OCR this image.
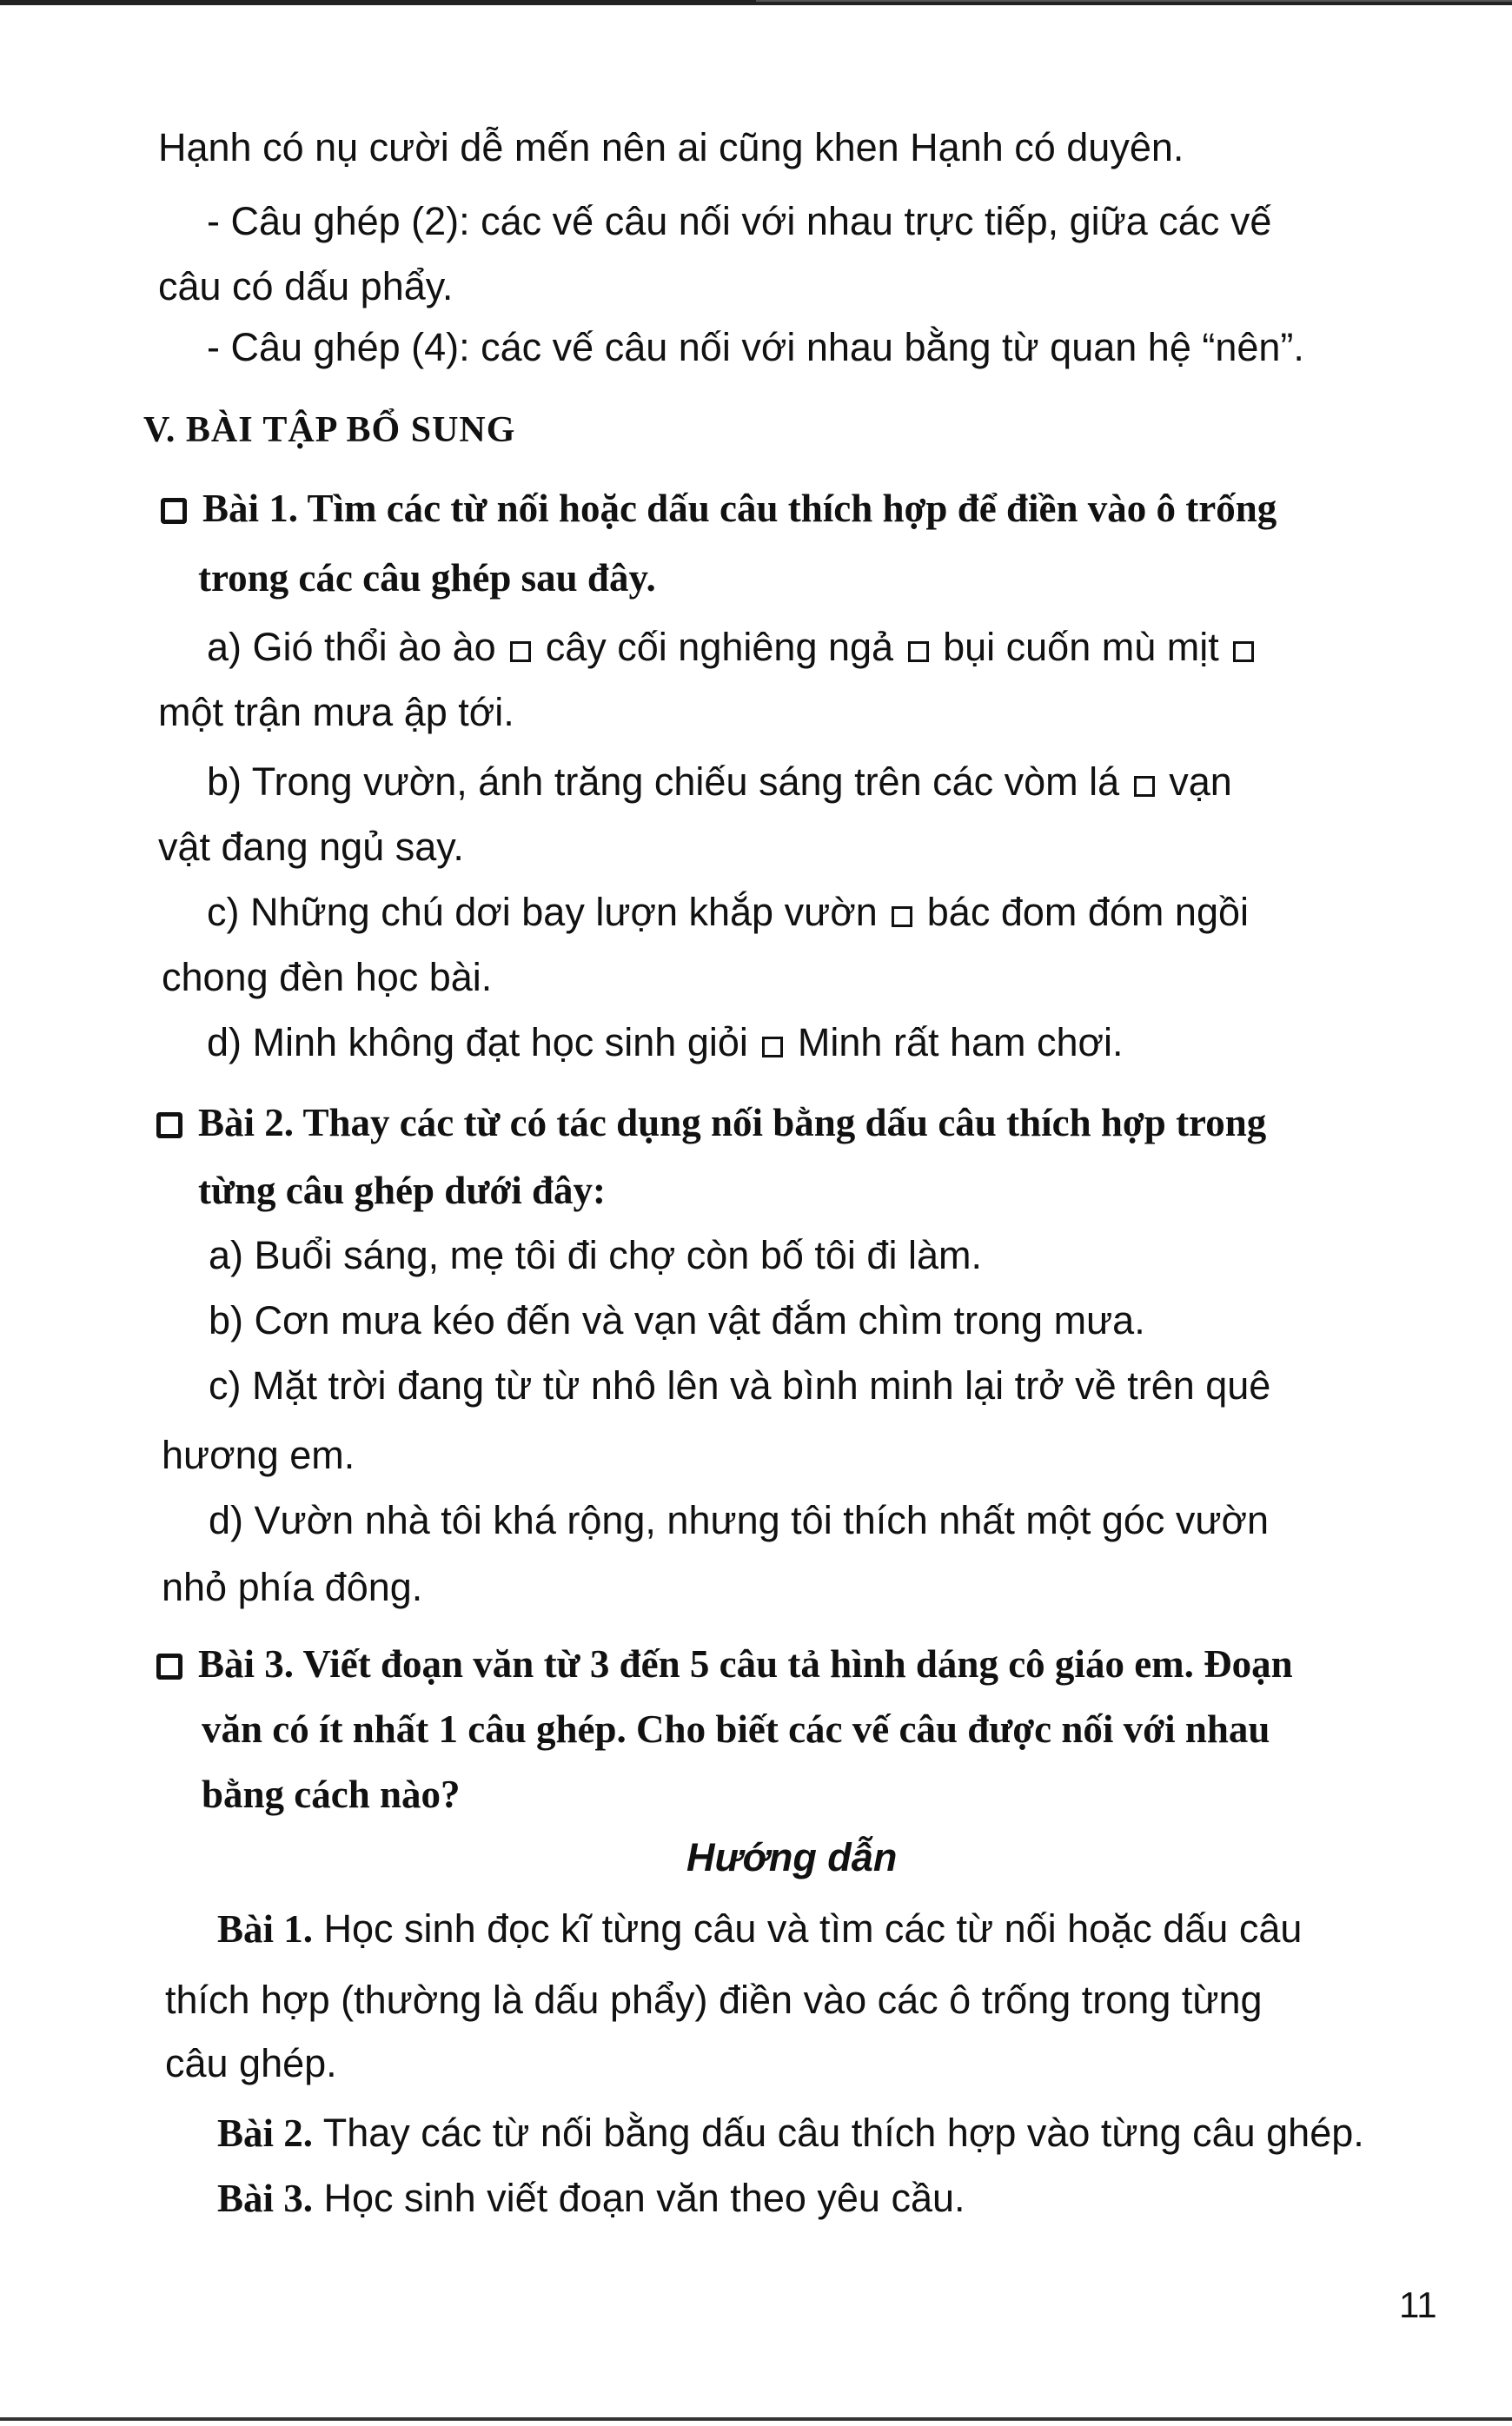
Hạnh có nụ cười dễ mến nên ai cũng khen Hạnh có duyên.
- Câu ghép (2): các vế câu nối với nhau trực tiếp, giữa các vế
câu có dấu phẩy.
- Câu ghép (4): các vế câu nối với nhau bằng từ quan hệ “nên”.
V. BÀI TẬP BỔ SUNG
Bài 1. Tìm các từ nối hoặc dấu câu thích hợp để điền vào ô trống
trong các câu ghép sau đây.
a) Gió thổi ào ào cây cối nghiêng ngả bụi cuốn mù mịt
một trận mưa ập tới.
b) Trong vườn, ánh trăng chiếu sáng trên các vòm lá vạn
vật đang ngủ say.
c) Những chú dơi bay lượn khắp vườn bác đom đóm ngồi
chong đèn học bài.
d) Minh không đạt học sinh giỏi Minh rất ham chơi.
Bài 2. Thay các từ có tác dụng nối bằng dấu câu thích hợp trong
từng câu ghép dưới đây:
a) Buổi sáng, mẹ tôi đi chợ còn bố tôi đi làm.
b) Cơn mưa kéo đến và vạn vật đắm chìm trong mưa.
c) Mặt trời đang từ từ nhô lên và bình minh lại trở về trên quê
hương em.
d) Vườn nhà tôi khá rộng, nhưng tôi thích nhất một góc vườn
nhỏ phía đông.
Bài 3. Viết đoạn văn từ 3 đến 5 câu tả hình dáng cô giáo em. Đoạn
văn có ít nhất 1 câu ghép. Cho biết các vế câu được nối với nhau
bằng cách nào?
Hướng dẫn
Bài 1. Học sinh đọc kĩ từng câu và tìm các từ nối hoặc dấu câu
thích hợp (thường là dấu phẩy) điền vào các ô trống trong từng
câu ghép.
Bài 2. Thay các từ nối bằng dấu câu thích hợp vào từng câu ghép.
Bài 3. Học sinh viết đoạn văn theo yêu cầu.
11
